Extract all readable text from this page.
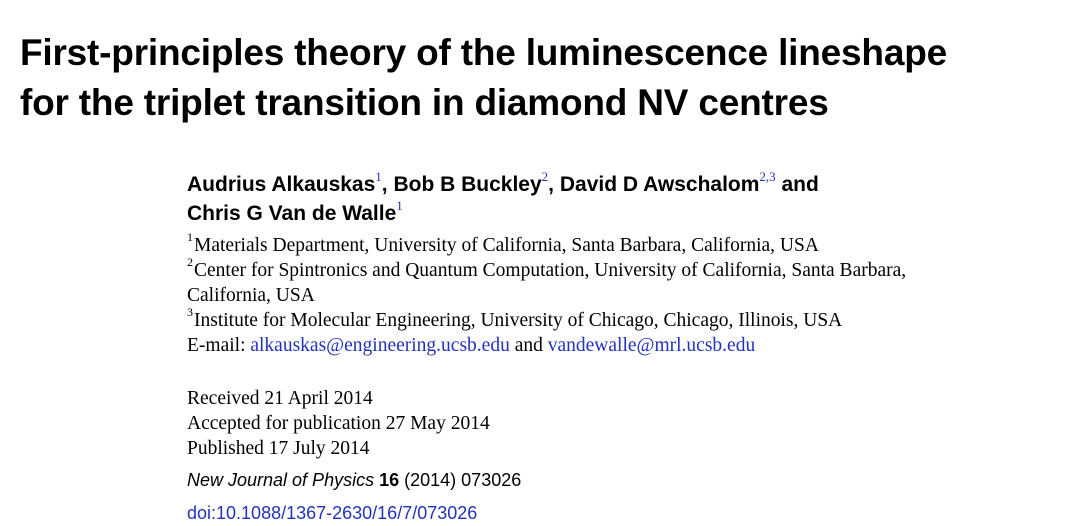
First-principles theory of the luminescence lineshape
for the triplet transition in diamond NV centres
Audrius Alkauskas$^1$, Bob B Buckley$^2$, David D Awschalom$^{2,3}$ and
Chris G Van de Walle$^1$
$^1$Materials Department, University of California, Santa Barbara, California, USA
$^2$Center for Spintronics and Quantum Computation, University of California, Santa Barbara,
California, USA
$^3$Institute for Molecular Engineering, University of Chicago, Chicago, Illinois, USA
E-mail: alkauskas@engineering.ucsb.edu and vandewalle@mrl.ucsb.edu
Received 21 April 2014
Accepted for publication 27 May 2014
Published 17 July 2014
New Journal of Physics 16 (2014) 073026
doi:10.1088/1367-2630/16/7/073026
